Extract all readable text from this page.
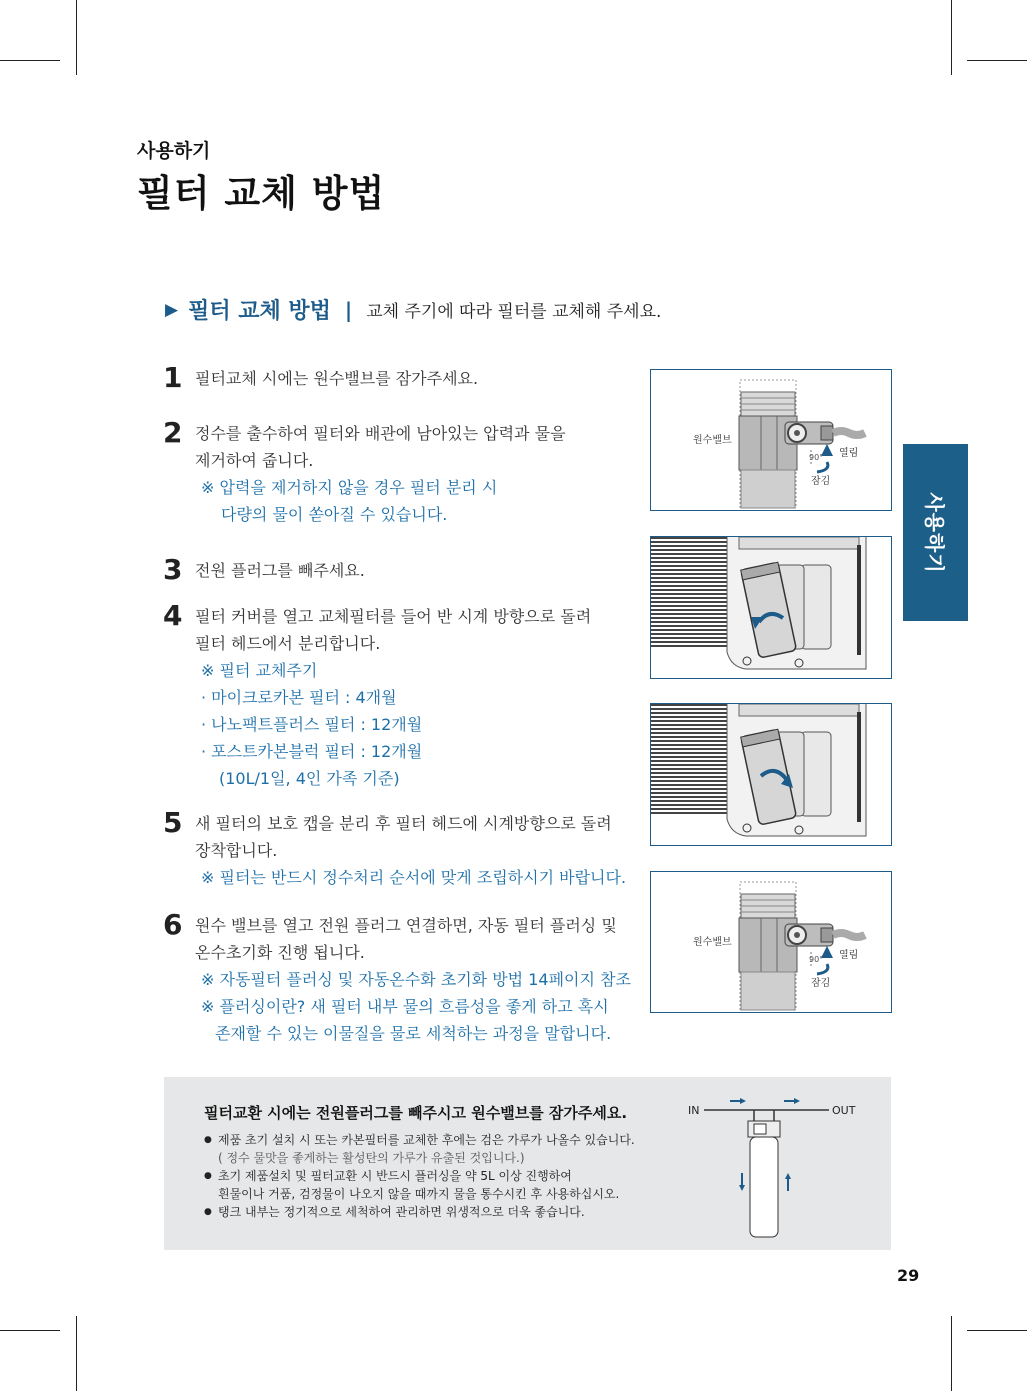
사용하기
필터 교체 방법
▶ 필터 교체 방법 | 교체 주기에 따라 필터를 교체해 주세요.
1 필터교체 시에는 원수밸브를 잠가주세요.
2 정수를 출수하여 필터와 배관에 남아있는 압력과 물을
제거하여 줍니다.
※ 압력을 제거하지 않을 경우 필터 분리 시
다량의 물이 쏟아질 수 있습니다.
3 전원 플러그를 빼주세요.
4 필터 커버를 열고 교체필터를 들어 반 시계 방향으로 돌려
필터 헤드에서 분리합니다.
※ 필터 교체주기
· 마이크로카본 필터 : 4개월
· 나노팩트플러스 필터 : 12개월
· 포스트카본블럭 필터 : 12개월
(10L/1일, 4인 가족 기준)
5 새 필터의 보호 캡을 분리 후 필터 헤드에 시계방향으로 돌려
장착합니다.
※ 필터는 반드시 정수처리 순서에 맞게 조립하시기 바랍니다.
6 원수 밸브를 열고 전원 플러그 연결하면, 자동 필터 플러싱 및
온수초기화 진행 됩니다.
※ 자동필터 플러싱 및 자동온수화 초기화 방법 14페이지 참조
※ 플러싱이란? 새 필터 내부 물의 흐름성을 좋게 하고 혹시
존재할 수 있는 이물질을 물로 세척하는 과정을 말합니다.
원수밸브
90° 열림
잠김
원수밸브
90° 열림
잠김
사용하기
필터교환 시에는 전원플러그를 빼주시고 원수밸브를 잠가주세요.
● 제품 초기 설치 시 또는 카본필터를 교체한 후에는 검은 가루가 나올수 있습니다.
( 정수 물맛을 좋게하는 활성탄의 가루가 유출된 것입니다.)
● 초기 제품설치 및 필터교환 시 반드시 플러싱을 약 5L 이상 진행하여
흰물이나 거품, 검정물이 나오지 않을 때까지 물을 통수시킨 후 사용하십시오.
● 탱크 내부는 정기적으로 세척하여 관리하면 위생적으로 더욱 좋습니다.
IN	OUT
29
